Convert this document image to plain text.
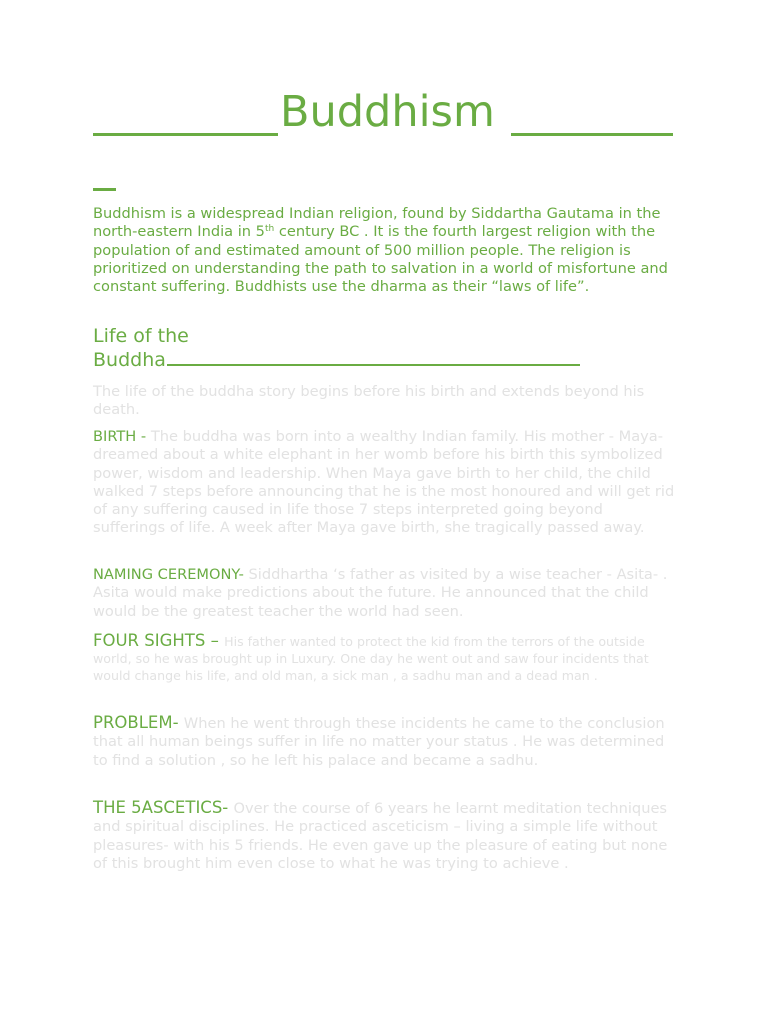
Buddhism

Buddhism is a widespread Indian religion, found by Siddartha Gautama in the north-eastern India in 5th century BC . It is the fourth largest religion with the population of and estimated amount of 500 million people. The religion is prioritized on understanding the path to salvation in a world of misfortune and constant suffering. Buddhists use the dharma as their “laws of life”.

Life of the
Buddha

The life of the buddha story begins before his birth and extends beyond his death.

BIRTH - The buddha was born into a wealthy Indian family. His mother - Maya- dreamed about a white elephant in her womb before his birth this symbolized power, wisdom and leadership. When Maya gave birth to her child, the child walked 7 steps before announcing that he is the most honoured and will get rid of any suffering caused in life those 7 steps interpreted going beyond sufferings of life. A week after Maya gave birth, she tragically passed away.

NAMING CEREMONY- Siddhartha ‘s father as visited by a wise teacher - Asita- . Asita would make predictions about the future. He announced that the child would be the greatest teacher the world had seen.

FOUR SIGHTS – His father wanted to protect the kid from the terrors of the outside world, so he was brought up in Luxury. One day he went out and saw four incidents that would change his life, and old man, a sick man , a sadhu man and a dead man .

PROBLEM- When he went through these incidents he came to the conclusion that all human beings suffer in life no matter your status . He was determined to find a solution , so he left his palace and became a sadhu.

THE 5ASCETICS- Over the course of 6 years he learnt meditation techniques and spiritual disciplines. He practiced asceticism – living a simple life without pleasures- with his 5 friends. He even gave up the pleasure of eating but none of this brought him even close to what he was trying to achieve .
